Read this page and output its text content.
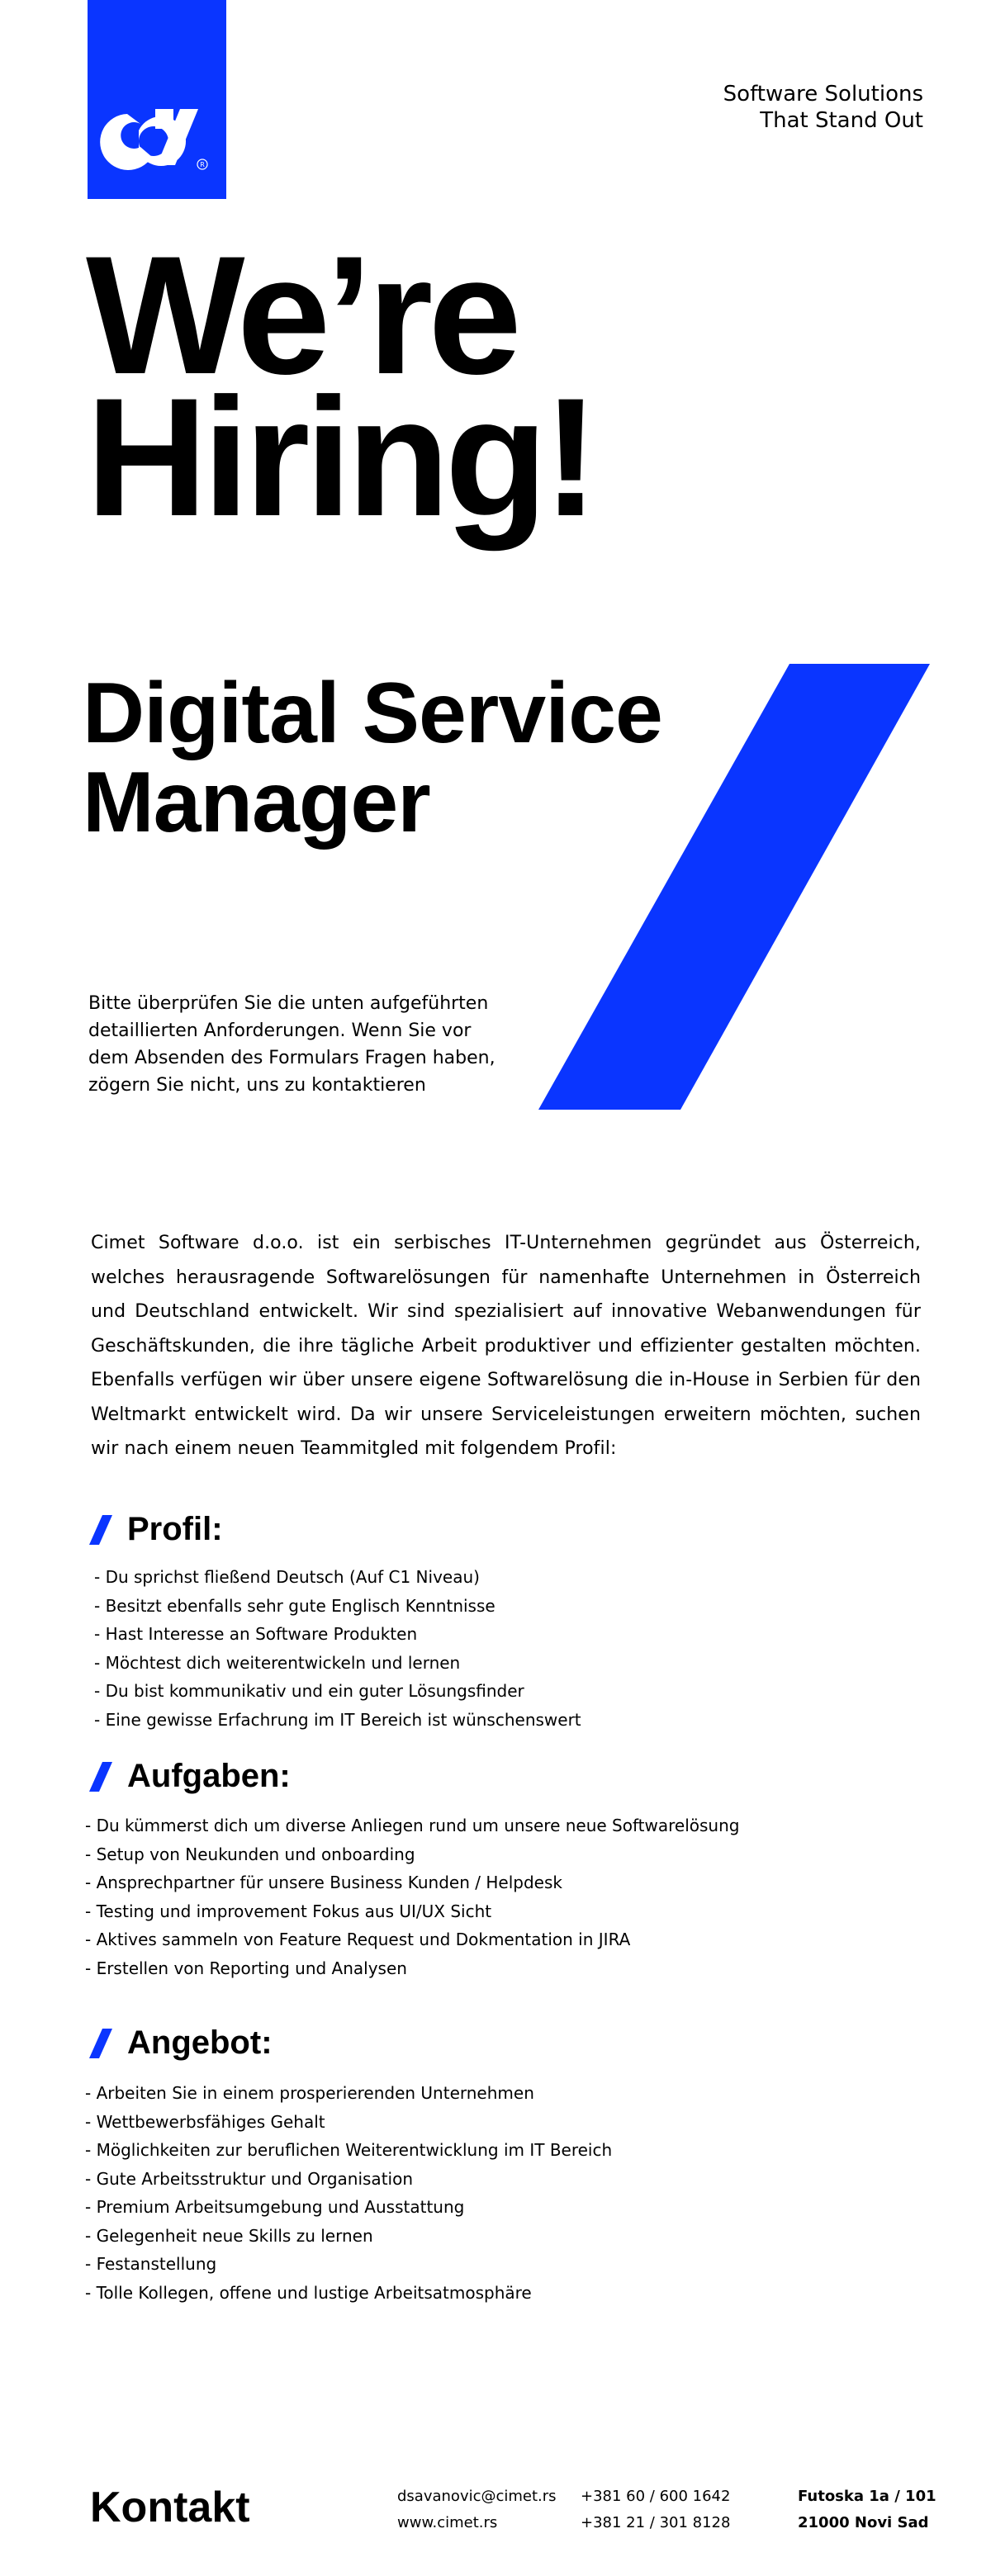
R
Software Solutions
That Stand Out
We’re
Hiring!
Digital Service
Manager
Bitte überprüfen Sie die unten aufgeführten detaillierten Anforderungen. Wenn Sie vor dem Absenden des Formulars Fragen haben, zögern Sie nicht, uns zu kontaktieren
Cimet Software d.o.o. ist ein serbisches IT-Unternehmen gegründet aus Österreich, welches herausragende Softwarelösungen für namenhafte Unternehmen in Österreich und Deutschland entwickelt. Wir sind spezialisiert auf innovative Webanwendungen für Geschäftskunden, die ihre tägliche Arbeit produktiver und effizienter gestalten möchten. Ebenfalls verfügen wir über unsere eigene Softwarelösung die in-House in Serbien für den Weltmarkt entwickelt wird. Da wir unsere Serviceleistungen erweitern möchten, suchen wir nach einem neuen Teammitgled mit folgendem Profil:
Profil:
- Du sprichst fließend Deutsch (Auf C1 Niveau)
- Besitzt ebenfalls sehr gute Englisch Kenntnisse
- Hast Interesse an Software Produkten
- Möchtest dich weiterentwickeln und lernen
- Du bist kommunikativ und ein guter Lösungsfinder
- Eine gewisse Erfachrung im IT Bereich ist wünschenswert
Aufgaben:
- Du kümmerst dich um diverse Anliegen rund um unsere neue Softwarelösung
- Setup von Neukunden und onboarding
- Ansprechpartner für unsere Business Kunden / Helpdesk
- Testing und improvement Fokus aus UI/UX Sicht
- Aktives sammeln von Feature Request und Dokmentation in JIRA
- Erstellen von Reporting und Analysen
Angebot:
- Arbeiten Sie in einem prosperierenden Unternehmen
- Wettbewerbsfähiges Gehalt
- Möglichkeiten zur beruflichen Weiterentwicklung im IT Bereich
- Gute Arbeitsstruktur und Organisation
- Premium Arbeitsumgebung und Ausstattung
- Gelegenheit neue Skills zu lernen
- Festanstellung
- Tolle Kollegen, offene und lustige Arbeitsatmosphäre
Kontakt	dsavanovic@cimet.rs
www.cimet.rs
+381 60 / 600 1642
+381 21 / 301 8128
Futoska 1a / 101
21000 Novi Sad
